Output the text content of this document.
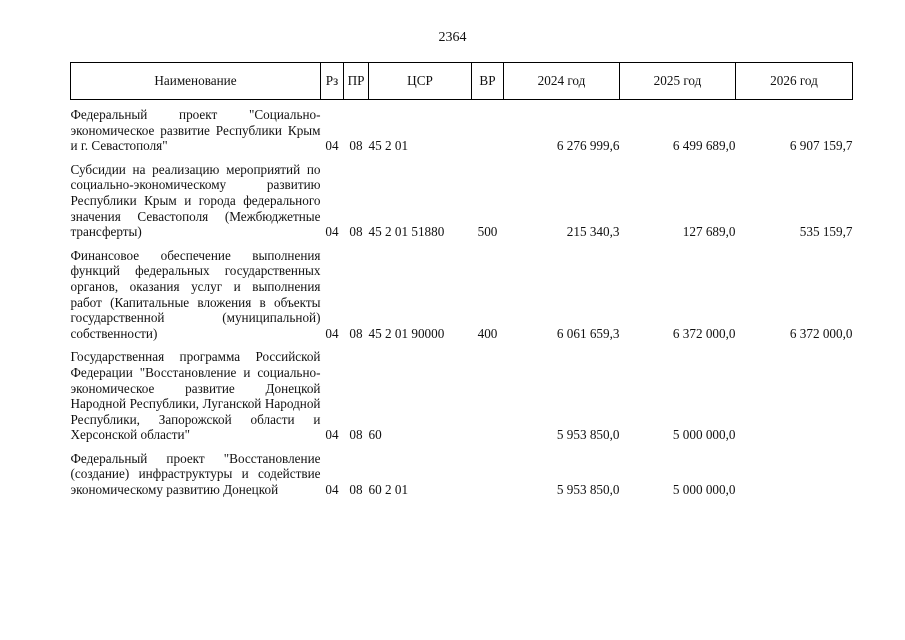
2364
Наименование	Рз	ПР	ЦСР	ВР	2024 год	2025 год	2026 год

Федеральный проект "Социально-экономическое развитие Республики Крым и г. Севастополя"	04	08	45 2 01		6 276 999,6	6 499 689,0	6 907 159,7

Субсидии на реализацию мероприятий по социально-экономическому развитию Республики Крым и города федерального значения Севастополя (Межбюджетные трансферты)	04	08	45 2 01 51880	500	215 340,3	127 689,0	535 159,7

Финансовое обеспечение выполнения функций федеральных государственных органов, оказания услуг и выполнения работ (Капитальные вложения в объекты государственной (муниципальной) собственности)	04	08	45 2 01 90000	400	6 061 659,3	6 372 000,0	6 372 000,0

Государственная программа Российской Федерации "Восстановление и социально-экономическое развитие Донецкой Народной Республики, Луганской Народной Республики, Запорожской области и Херсонской области"	04	08	60		5 953 850,0	5 000 000,0	

Федеральный проект "Восстановление (создание) инфраструктуры и содействие экономическому развитию Донецкой	04	08	60 2 01		5 953 850,0	5 000 000,0	
